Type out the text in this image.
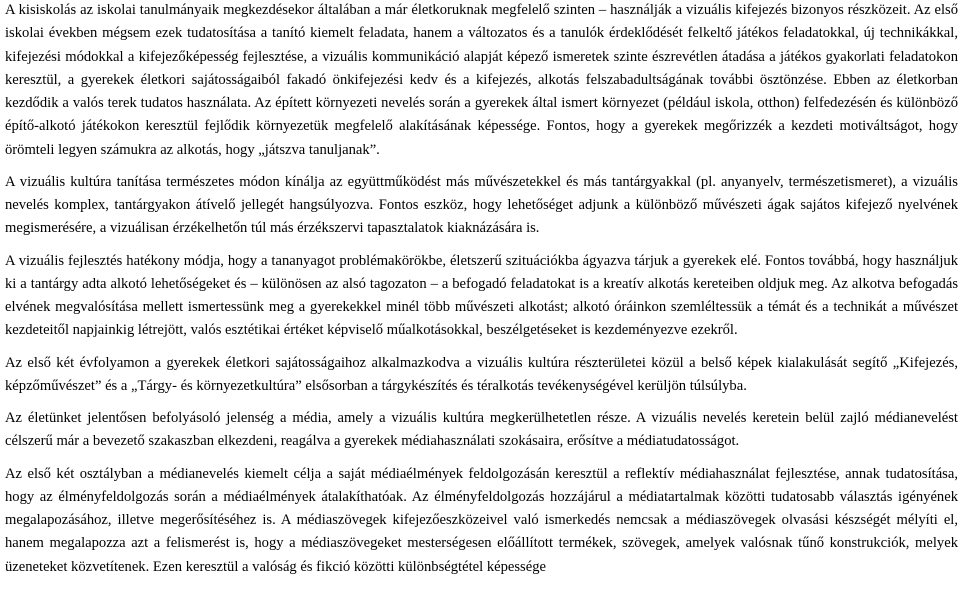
A kisiskolás az iskolai tanulmányaik megkezdésekor általában a már életkoruknak megfelelő szinten – használják a vizuális kifejezés bizonyos részközeit. Az első iskolai években mégsem ezek tudatosítása a tanító kiemelt feladata, hanem a változatos és a tanulók érdeklődését felkeltő játékos feladatokkal, új technikákkal, kifejezési módokkal a kifejezőképesség fejlesztése, a vizuális kommunikáció alapját képező ismeretek szinte észrevétlen átadása a játékos gyakorlati feladatokon keresztül, a gyerekek életkori sajátosságaiból fakadó önkifejezési kedv és a kifejezés, alkotás felszabadultságának további ösztönzése. Ebben az életkorban kezdődik a valós terek tudatos használata. Az épített környezeti nevelés során a gyerekek által ismert környezet (például iskola, otthon) felfedezésén és különböző építő-alkotó játékokon keresztül fejlődik környezetük megfelelő alakításának képessége. Fontos, hogy a gyerekek megőrizzék a kezdeti motiváltságot, hogy örömteli legyen számukra az alkotás, hogy „játszva tanuljanak”.

A vizuális kultúra tanítása természetes módon kínálja az együttműködést más művészetekkel és más tantárgyakkal (pl. anyanyelv, természetismeret), a vizuális nevelés komplex, tantárgyakon átívelő jellegét hangsúlyozva. Fontos eszköz, hogy lehetőséget adjunk a különböző művészeti ágak sajátos kifejező nyelvének megismerésére, a vizuálisan érzékelhetőn túl más érzékszervi tapasztalatok kiaknázására is.

A vizuális fejlesztés hatékony módja, hogy a tananyagot problémakörökbe, életszerű szituációkba ágyazva tárjuk a gyerekek elé. Fontos továbbá, hogy használjuk ki a tantárgy adta alkotó lehetőségeket és – különösen az alsó tagozaton – a befogadó feladatokat is a kreatív alkotás kereteiben oldjuk meg. Az alkotva befogadás elvének megvalósítása mellett ismertessünk meg a gyerekekkel minél több művészeti alkotást; alkotó óráinkon szemléltessük a témát és a technikát a művészet kezdeteitől napjainkig létrejött, valós esztétikai értéket képviselő műalkotásokkal, beszélgetéseket is kezdeményezve ezekről.

Az első két évfolyamon a gyerekek életkori sajátosságaihoz alkalmazkodva a vizuális kultúra részterületei közül a belső képek kialakulását segítő „Kifejezés, képzőművészet” és a „Tárgy- és környezetkultúra” elsősorban a tárgykészítés és téralkotás tevékenységével kerüljön túlsúlyba.

Az életünket jelentősen befolyásoló jelenség a média, amely a vizuális kultúra megkerülhetetlen része. A vizuális nevelés keretein belül zajló médianevelést célszerű már a bevezető szakaszban elkezdeni, reagálva a gyerekek médiahasználati szokásaira, erősítve a médiatudatosságot.

Az első két osztályban a médianevelés kiemelt célja a saját médiaélmények feldolgozásán keresztül a reflektív médiahasználat fejlesztése, annak tudatosítása, hogy az élményfeldolgozás során a médiaélmények átalakíthatóak. Az élményfeldolgozás hozzájárul a médiatartalmak közötti tudatosabb választás igényének megalapozásához, illetve megerősítéséhez is. A médiaszövegek kifejezőeszközeivel való ismerkedés nemcsak a médiaszövegek olvasási készségét mélyíti el, hanem megalapozza azt a felismerést is, hogy a médiaszövegeket mesterségesen előállított termékek, szövegek, amelyek valósnak tűnő konstrukciók, melyek üzeneteket közvetítenek. Ezen keresztül a valóság és fikció közötti különbségtétel képessége
